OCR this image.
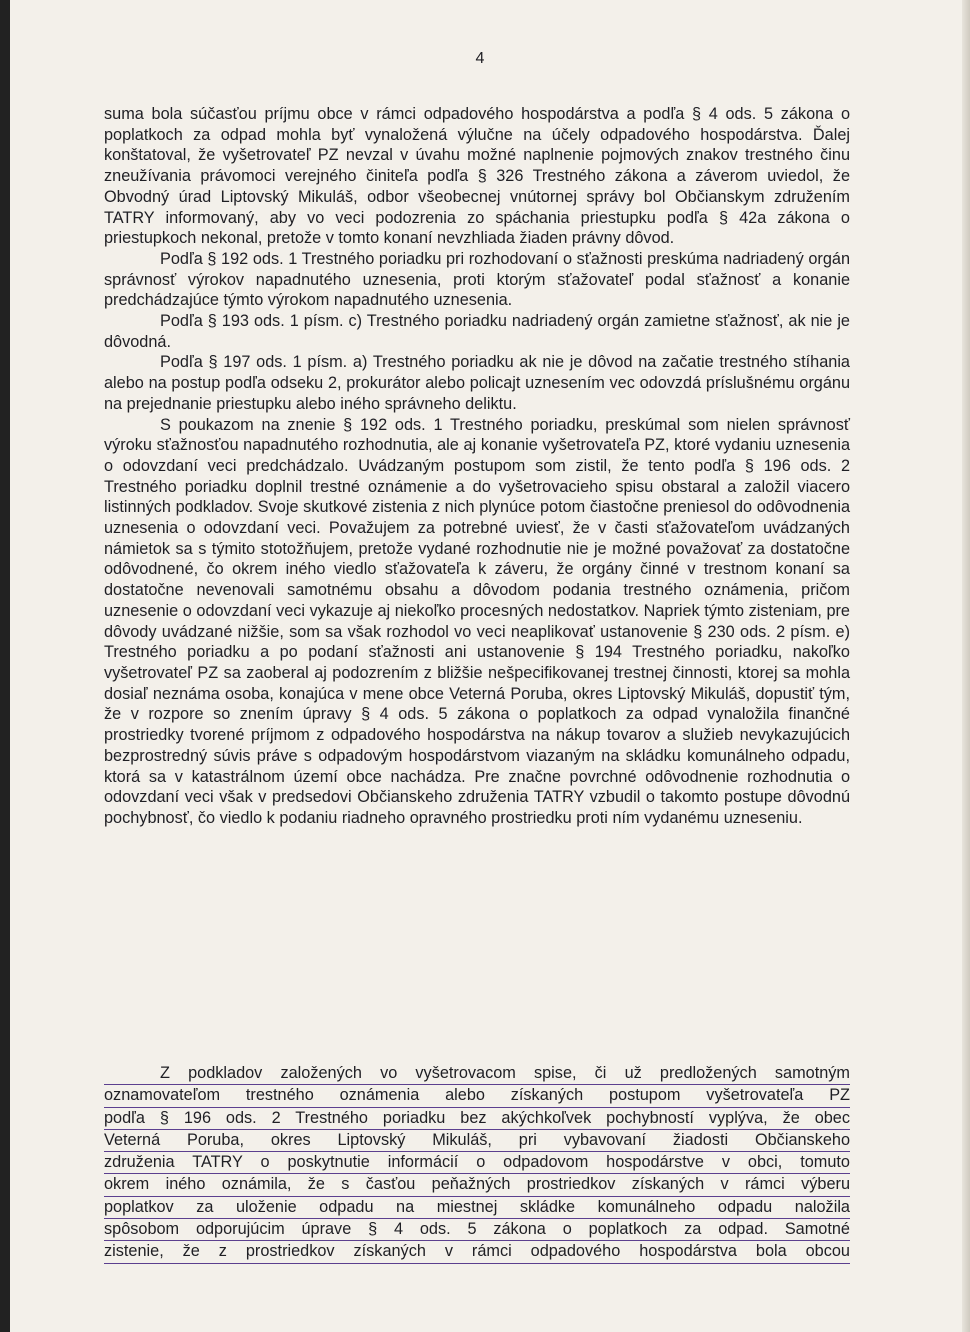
4

suma bola súčasťou príjmu obce v rámci odpadového hospodárstva a podľa § 4 ods. 5 zákona o poplatkoch za odpad mohla byť vynaložená výlučne na účely odpadového hospodárstva. Ďalej konštatoval, že vyšetrovateľ PZ nevzal v úvahu možné naplnenie pojmových znakov trestného činu zneužívania právomoci verejného činiteľa podľa § 326 Trestného zákona a záverom uviedol, že Obvodný úrad Liptovský Mikuláš, odbor všeobecnej vnútornej správy bol Občianskym združením TATRY informovaný, aby vo veci podozrenia zo spáchania priestupku podľa § 42a zákona o priestupkoch nekonal, pretože v tomto konaní nevzhliada žiaden právny dôvod.

Podľa § 192 ods. 1 Trestného poriadku pri rozhodovaní o sťažnosti preskúma nadriadený orgán správnosť výrokov napadnutého uznesenia, proti ktorým sťažovateľ podal sťažnosť a konanie predchádzajúce týmto výrokom napadnutého uznesenia.

Podľa § 193 ods. 1 písm. c) Trestného poriadku nadriadený orgán zamietne sťažnosť, ak nie je dôvodná.

Podľa § 197 ods. 1 písm. a) Trestného poriadku ak nie je dôvod na začatie trestného stíhania alebo na postup podľa odseku 2, prokurátor alebo policajt uznesením vec odovzdá príslušnému orgánu na prejednanie priestupku alebo iného správneho deliktu.

S poukazom na znenie § 192 ods. 1 Trestného poriadku, preskúmal som nielen správnosť výroku sťažnosťou napadnutého rozhodnutia, ale aj konanie vyšetrovateľa PZ, ktoré vydaniu uznesenia o odovzdaní veci predchádzalo. Uvádzaným postupom som zistil, že tento podľa § 196 ods. 2 Trestného poriadku doplnil trestné oznámenie a do vyšetrovacieho spisu obstaral a založil viacero listinných podkladov. Svoje skutkové zistenia z nich plynúce potom čiastočne preniesol do odôvodnenia uznesenia o odovzdaní veci. Považujem za potrebné uviesť, že v časti sťažovateľom uvádzaných námietok sa s týmito stotožňujem, pretože vydané rozhodnutie nie je možné považovať za dostatočne odôvodnené, čo okrem iného viedlo sťažovateľa k záveru, že orgány činné v trestnom konaní sa dostatočne nevenovali samotnému obsahu a dôvodom podania trestného oznámenia, pričom uznesenie o odovzdaní veci vykazuje aj niekoľko procesných nedostatkov. Napriek týmto zisteniam, pre dôvody uvádzané nižšie, som sa však rozhodol vo veci neaplikovať ustanovenie § 230 ods. 2 písm. e) Trestného poriadku a po podaní sťažnosti ani ustanovenie § 194 Trestného poriadku, nakoľko vyšetrovateľ PZ sa zaoberal aj podozrením z bližšie nešpecifikovanej trestnej činnosti, ktorej sa mohla dosiaľ neznáma osoba, konajúca v mene obce Veterná Poruba, okres Liptovský Mikuláš, dopustiť tým, že v rozpore so znením úpravy § 4 ods. 5 zákona o poplatkoch za odpad vynaložila finančné prostriedky tvorené príjmom z odpadového hospodárstva na nákup tovarov a služieb nevykazujúcich bezprostredný súvis práve s odpadovým hospodárstvom viazaným na skládku komunálneho odpadu, ktorá sa v katastrálnom území obce nachádza. Pre značne povrchné odôvodnenie rozhodnutia o odovzdaní veci však v predsedovi Občianskeho združenia TATRY vzbudil o takomto postupe dôvodnú pochybnosť, čo viedlo k podaniu riadneho opravného prostriedku proti ním vydanému uzneseniu.

Z podkladov založených vo vyšetrovacom spise, či už predložených samotným
oznamovateľom trestného oznámenia alebo získaných postupom vyšetrovateľa PZ
podľa § 196 ods. 2 Trestného poriadku bez akýchkoľvek pochybností vyplýva, že obec
Veterná Poruba, okres Liptovský Mikuláš, pri vybavovaní žiadosti Občianskeho
združenia TATRY o poskytnutie informácií o odpadovom hospodárstve v obci, tomuto
okrem iného oznámila, že s časťou peňažných prostriedkov získaných v rámci výberu
poplatkov za uloženie odpadu na miestnej skládke komunálneho odpadu naložila
spôsobom odporujúcim úprave § 4 ods. 5 zákona o poplatkoch za odpad. Samotné
zistenie, že z prostriedkov získaných v rámci odpadového hospodárstva bola obcou
